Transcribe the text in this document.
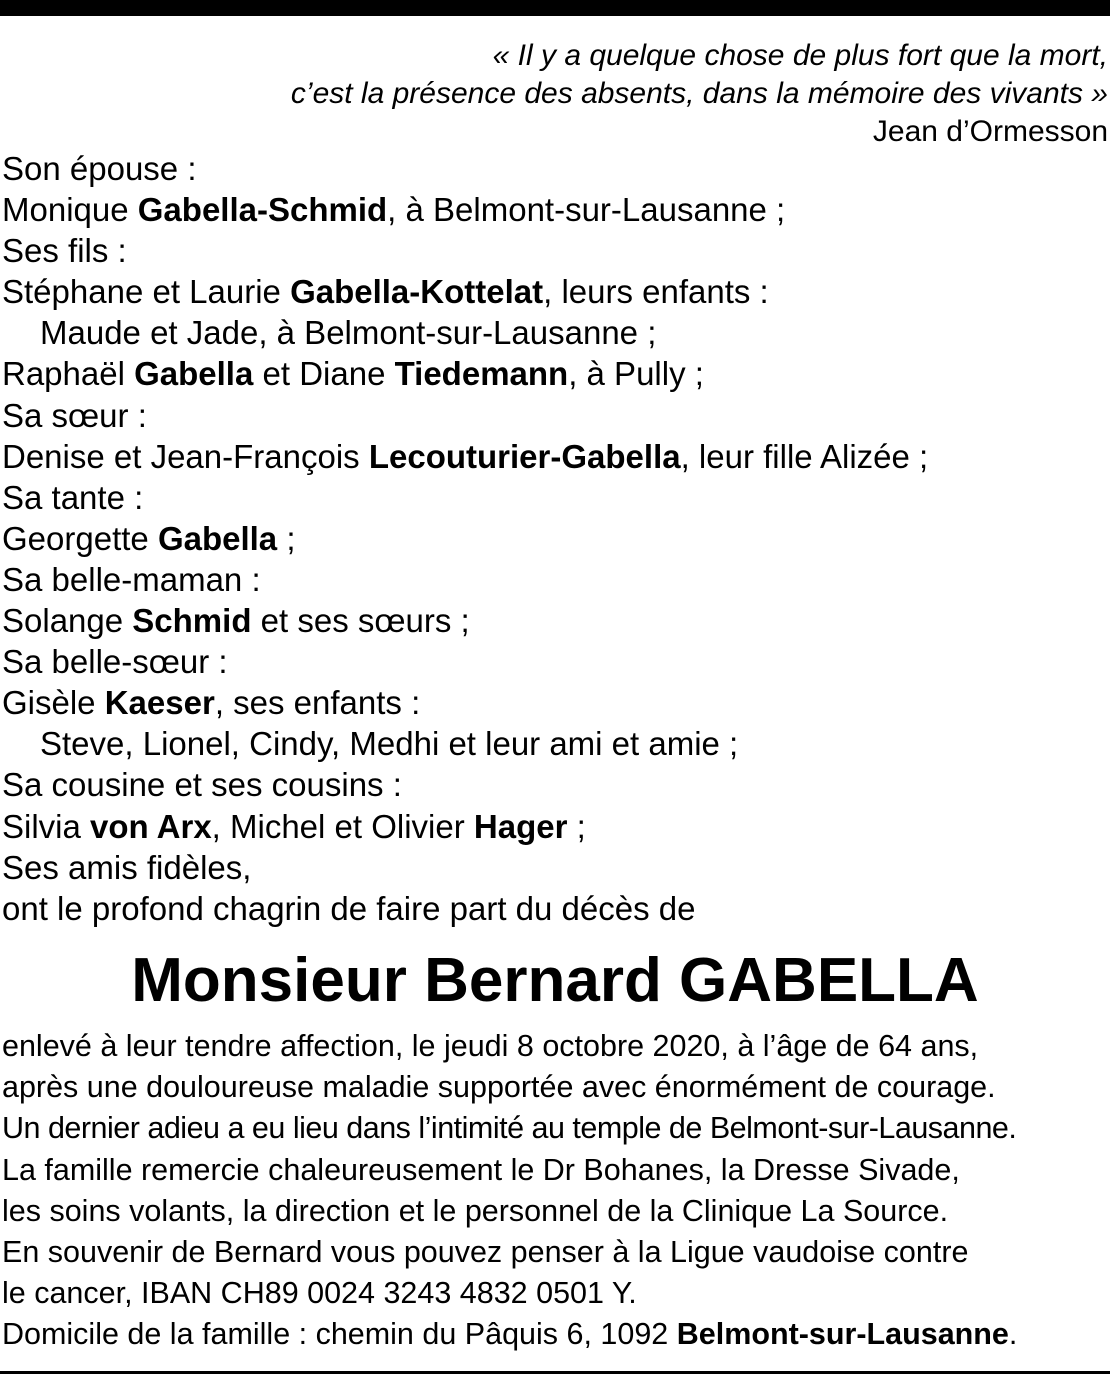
« Il y a quelque chose de plus fort que la mort,
c’est la présence des absents, dans la mémoire des vivants »
Jean d’Ormesson
Son épouse :
Monique Gabella-Schmid, à Belmont-sur-Lausanne ;
Ses fils :
Stéphane et Laurie Gabella-Kottelat, leurs enfants :
Maude et Jade, à Belmont-sur-Lausanne ;
Raphaël Gabella et Diane Tiedemann, à Pully ;
Sa sœur :
Denise et Jean-François Lecouturier-Gabella, leur fille Alizée ;
Sa tante :
Georgette Gabella ;
Sa belle-maman :
Solange Schmid et ses sœurs ;
Sa belle-sœur :
Gisèle Kaeser, ses enfants :
Steve, Lionel, Cindy, Medhi et leur ami et amie ;
Sa cousine et ses cousins :
Silvia von Arx, Michel et Olivier Hager ;
Ses amis fidèles,
ont le profond chagrin de faire part du décès de
Monsieur Bernard GABELLA
enlevé à leur tendre affection, le jeudi 8 octobre 2020, à l’âge de 64 ans,
après une douloureuse maladie supportée avec énormément de courage.
Un dernier adieu a eu lieu dans l’intimité au temple de Belmont-sur-Lausanne.
La famille remercie chaleureusement le Dr Bohanes, la Dresse Sivade,
les soins volants, la direction et le personnel de la Clinique La Source.
En souvenir de Bernard vous pouvez penser à la Ligue vaudoise contre
le cancer, IBAN CH89 0024 3243 4832 0501 Y.
Domicile de la famille : chemin du Pâquis 6, 1092 Belmont-sur-Lausanne.
